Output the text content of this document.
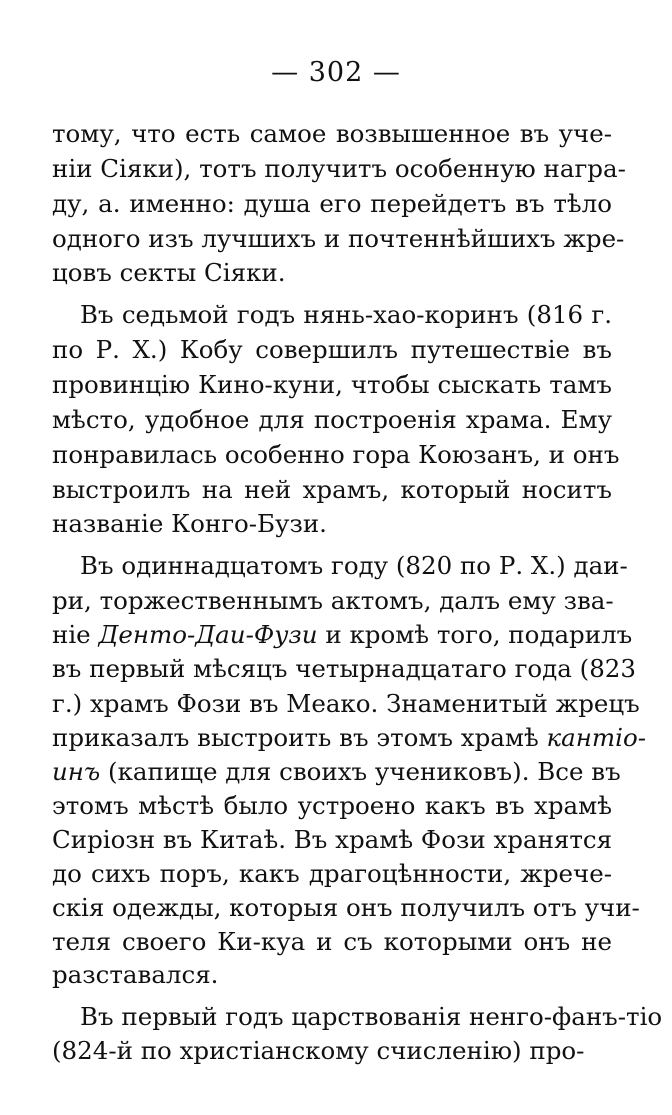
— 302 —
тому, что есть самое возвышенное въ уче-
ніи Сіяки), тотъ получитъ особенную награ-
ду, а. именно: душа его перейдетъ въ тѣло
одного изъ лучшихъ и почтеннѣйшихъ жре-
цовъ секты Сіяки.
Въ седьмой годъ нянь-хао-коринъ (816 г.
по Р. Х.) Кобу совершилъ путешествіе въ
провинцію Кино-куни, чтобы сыскать тамъ
мѣсто, удобное для построенія храма. Ему
понравилась особенно гора Коюзанъ, и онъ
выстроилъ на ней храмъ, который носитъ
названіе Конго-Бузи.
Въ одиннадцатомъ году (820 по Р. Х.) даи-
ри, торжественнымъ актомъ, далъ ему зва-
ніе Денто-Даи-Фузи и кромѣ того, подарилъ
въ первый мѣсяцъ четырнадцатаго года (823
г.) храмъ Фози въ Меако. Знаменитый жрецъ
приказалъ выстроить въ этомъ храмѣ кантіо-
инъ (капище для своихъ учениковъ). Все въ
этомъ мѣстѣ было устроено какъ въ храмѣ
Сиріозн въ Китаѣ. Въ храмѣ Фози хранятся
до сихъ поръ, какъ драгоцѣнности, жрече-
скія одежды, которыя онъ получилъ отъ учи-
теля своего Ки-куа и съ которыми онъ не
разставался.
Въ первый годъ царствованія ненго-фанъ-тіо
(824-й по христіанскому счисленію) про-
